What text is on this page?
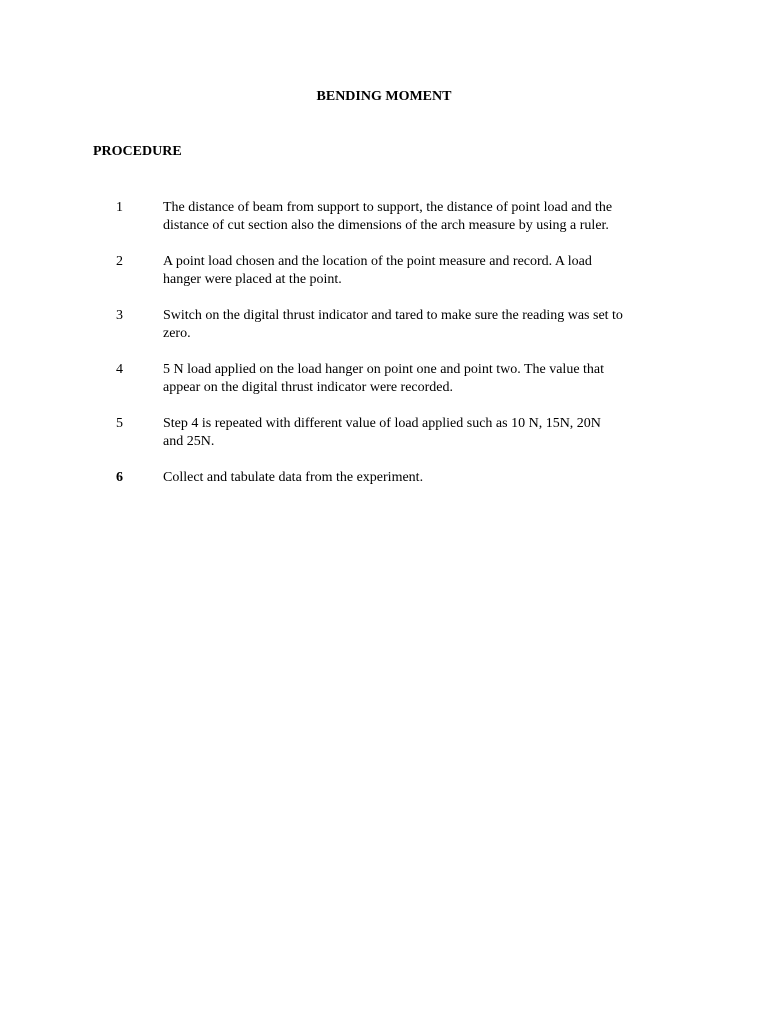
BENDING MOMENT
PROCEDURE
1	The distance of beam from support to support, the distance of point load and the
distance of cut section also the dimensions of the arch measure by using a ruler.
2	A point load chosen and the location of the point measure and record. A load
hanger were placed at the point.
3	Switch on the digital thrust indicator and tared to make sure the reading was set to
zero.
4	5 N load applied on the load hanger on point one and point two. The value that
appear on the digital thrust indicator were recorded.
5	Step 4 is repeated with different value of load applied such as 10 N, 15N, 20N
and 25N.
6	Collect and tabulate data from the experiment.
